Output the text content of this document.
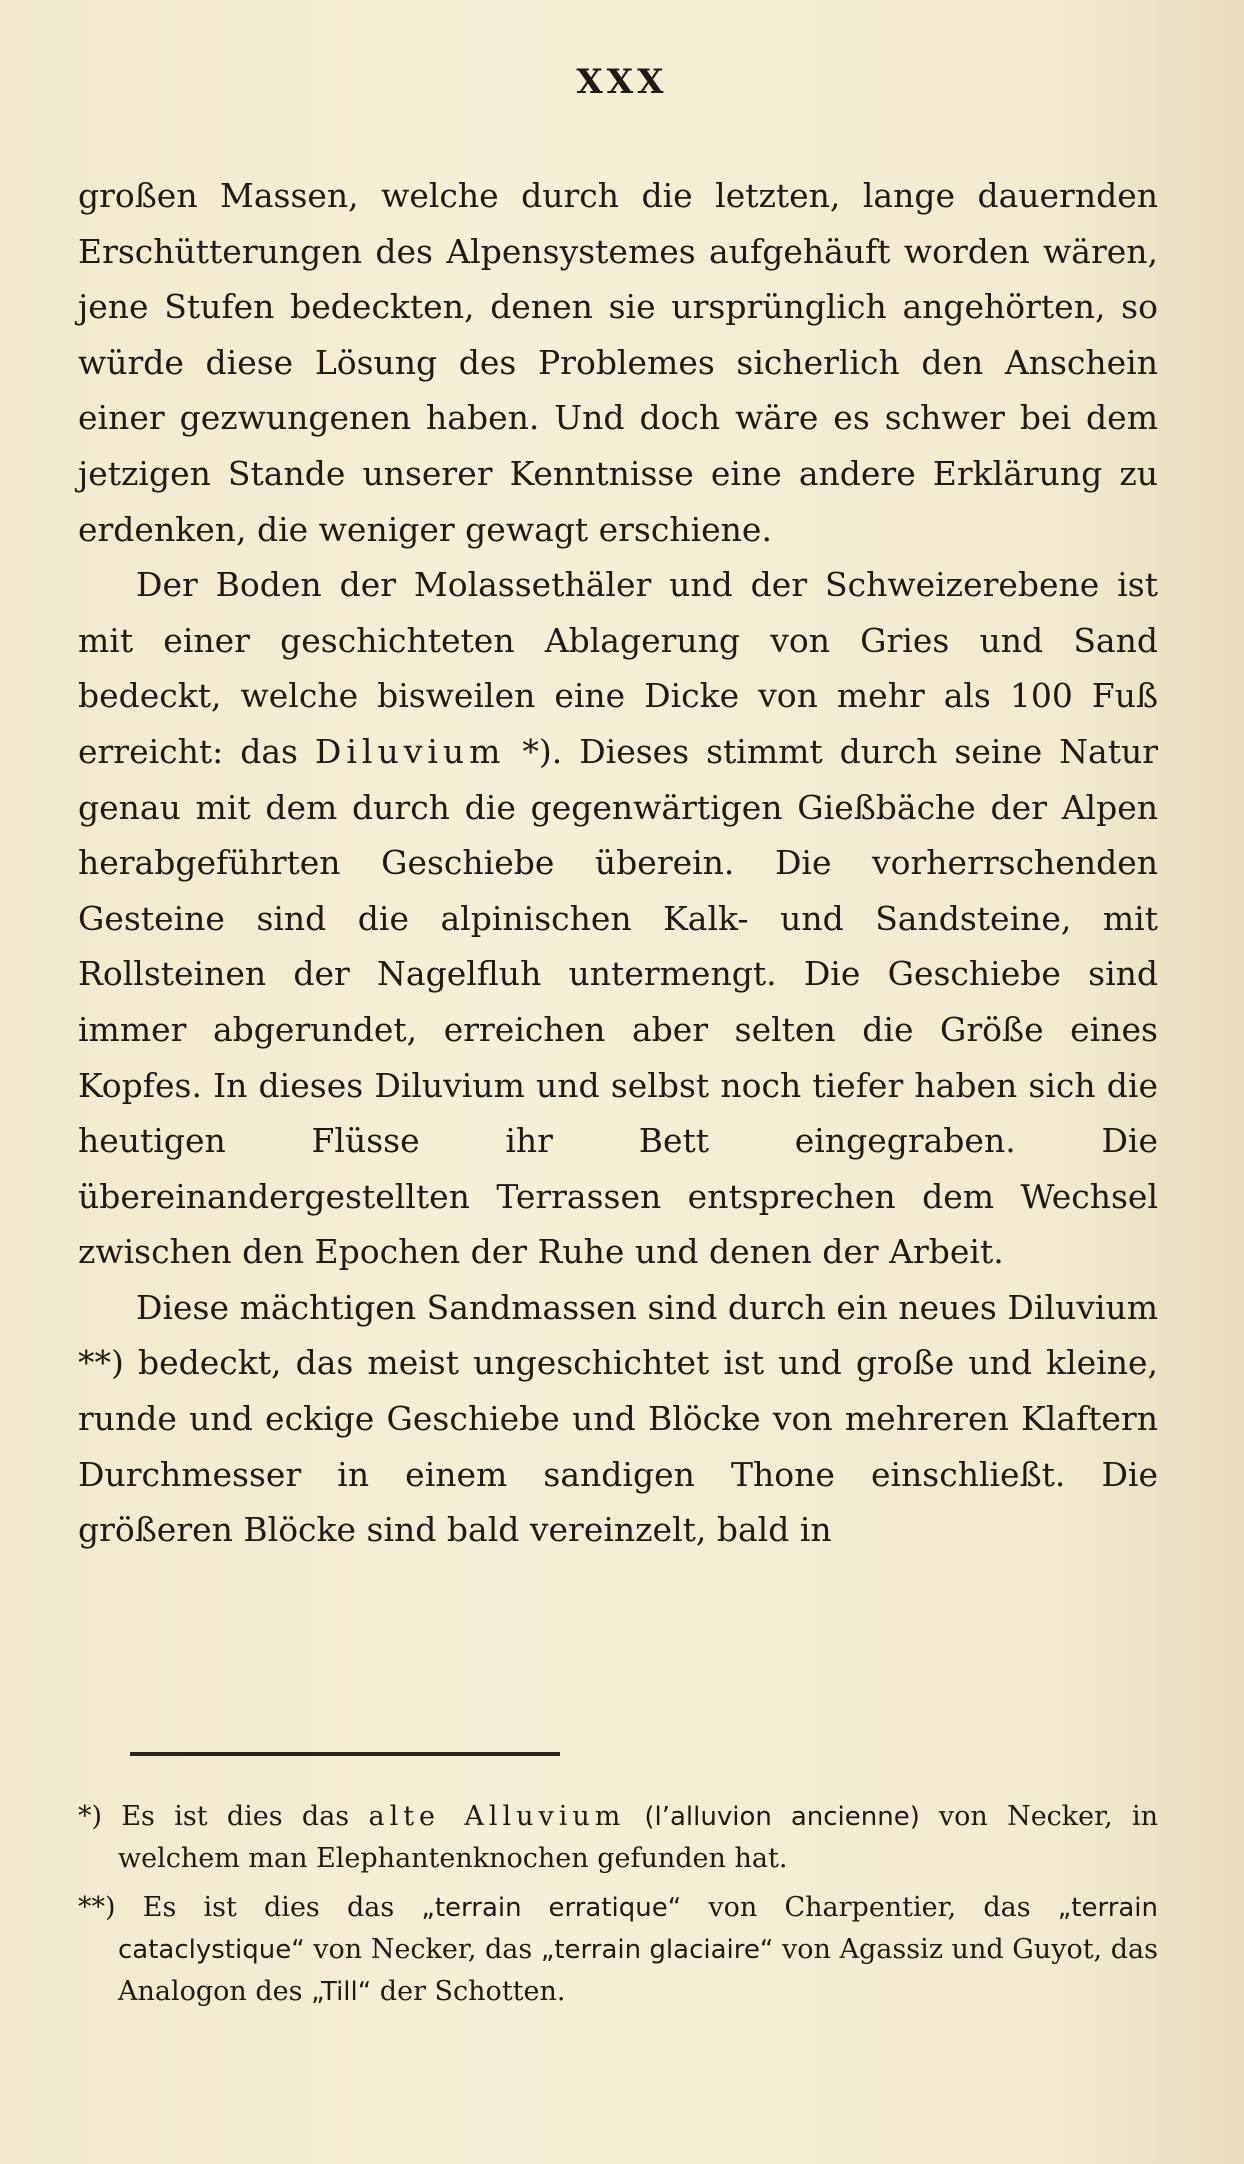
XXX

großen Massen, welche durch die letzten, lange dauernden Erschütterungen des Alpensystemes aufgehäuft worden wären, jene Stufen bedeckten, denen sie ursprünglich angehörten, so würde diese Lösung des Problemes sicherlich den Anschein einer gezwungenen haben. Und doch wäre es schwer bei dem jetzigen Stande unserer Kenntnisse eine andere Erklärung zu erdenken, die weniger gewagt erschiene.

Der Boden der Molassethäler und der Schweizerebene ist mit einer geschichteten Ablagerung von Gries und Sand bedeckt, welche bisweilen eine Dicke von mehr als 100 Fuß erreicht: das Diluvium *). Dieses stimmt durch seine Natur genau mit dem durch die gegenwärtigen Gießbäche der Alpen herabgeführten Geschiebe überein. Die vorherrschenden Gesteine sind die alpinischen Kalk- und Sandsteine, mit Rollsteinen der Nagelfluh untermengt. Die Geschiebe sind immer abgerundet, erreichen aber selten die Größe eines Kopfes. In dieses Diluvium und selbst noch tiefer haben sich die heutigen Flüsse ihr Bett eingegraben. Die übereinandergestellten Terrassen entsprechen dem Wechsel zwischen den Epochen der Ruhe und denen der Arbeit.

Diese mächtigen Sandmassen sind durch ein neues Diluvium **) bedeckt, das meist ungeschichtet ist und große und kleine, runde und eckige Geschiebe und Blöcke von mehreren Klaftern Durchmesser in einem sandigen Thone einschließt. Die größeren Blöcke sind bald vereinzelt, bald in

*) Es ist dies das alte Alluvium (l’alluvion ancienne) von Necker, in welchem man Elephantenknochen gefunden hat.

**) Es ist dies das „terrain erratique“ von Charpentier, das „terrain cataclystique“ von Necker, das „terrain glaciaire“ von Agassiz und Guyot, das Analogon des „Till“ der Schotten.
